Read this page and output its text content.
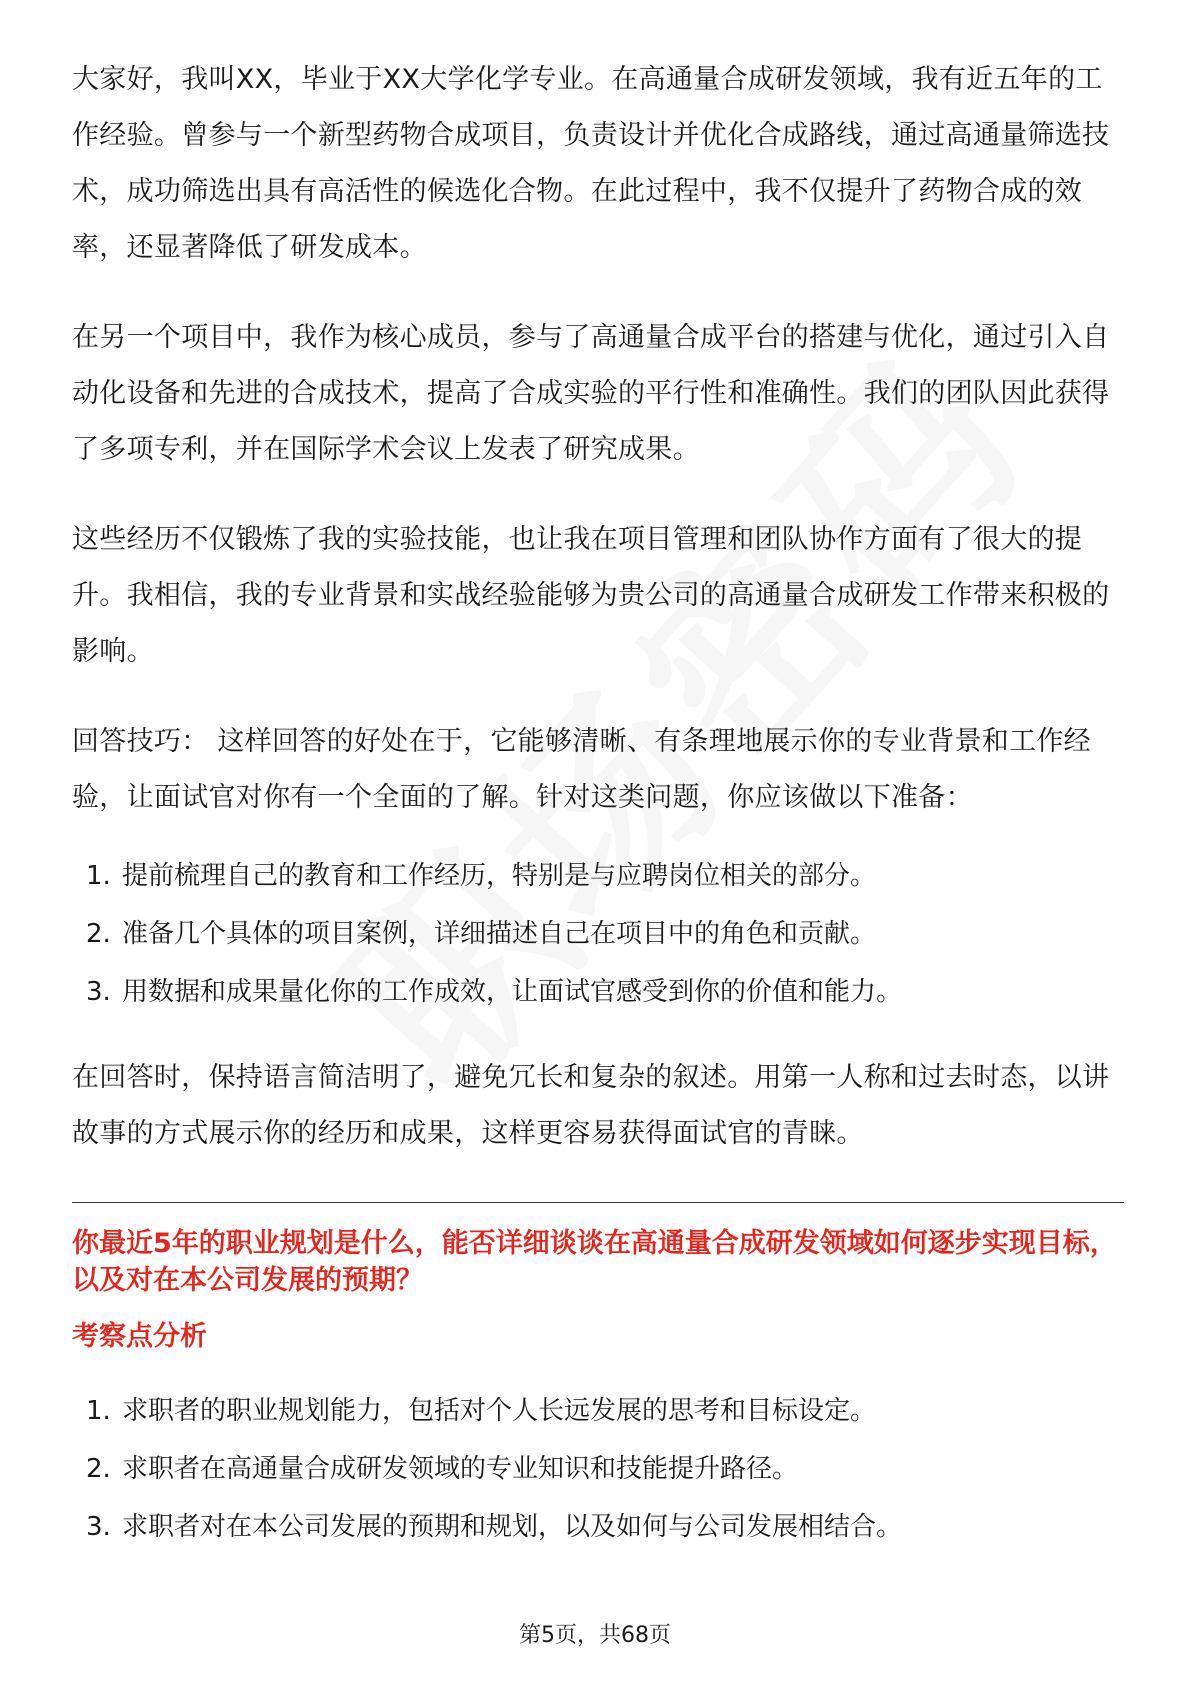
大家好，我叫XX，毕业于XX大学化学专业。在高通量合成研发领域，我有近五年的工作经验。曾参与一个新型药物合成项目，负责设计并优化合成路线，通过高通量筛选技术，成功筛选出具有高活性的候选化合物。在此过程中，我不仅提升了药物合成的效率，还显著降低了研发成本。

在另一个项目中，我作为核心成员，参与了高通量合成平台的搭建与优化，通过引入自动化设备和先进的合成技术，提高了合成实验的平行性和准确性。我们的团队因此获得了多项专利，并在国际学术会议上发表了研究成果。

这些经历不仅锻炼了我的实验技能，也让我在项目管理和团队协作方面有了很大的提升。我相信，我的专业背景和实战经验能够为贵公司的高通量合成研发工作带来积极的影响。

回答技巧： 这样回答的好处在于，它能够清晰、有条理地展示你的专业背景和工作经验，让面试官对你有一个全面的了解。针对这类问题，你应该做以下准备：

1. 提前梳理自己的教育和工作经历，特别是与应聘岗位相关的部分。
2. 准备几个具体的项目案例，详细描述自己在项目中的角色和贡献。
3. 用数据和成果量化你的工作成效，让面试官感受到你的价值和能力。

在回答时，保持语言简洁明了，避免冗长和复杂的叙述。用第一人称和过去时态，以讲故事的方式展示你的经历和成果，这样更容易获得面试官的青睐。

你最近5年的职业规划是什么，能否详细谈谈在高通量合成研发领域如何逐步实现目标，以及对在本公司发展的预期？
考察点分析
1. 求职者的职业规划能力，包括对个人长远发展的思考和目标设定。
2. 求职者在高通量合成研发领域的专业知识和技能提升路径。
3. 求职者对在本公司发展的预期和规划，以及如何与公司发展相结合。
第5页，共68页
